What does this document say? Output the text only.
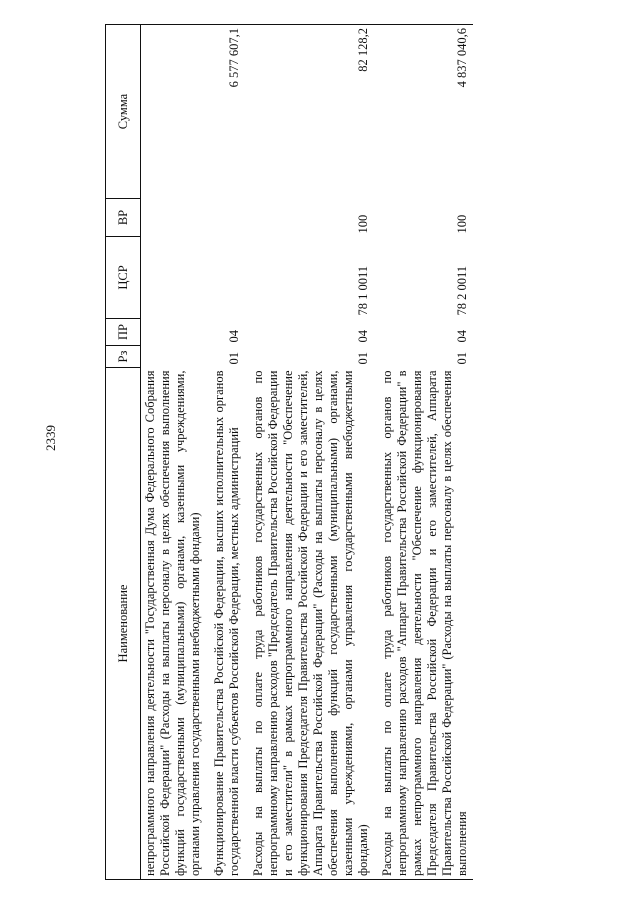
2339
Наименование	Рз	ПР	ЦСР	ВР	Сумма
непрограммного направления деятельности "Государственная Дума Федерального Собрания Российской Федерации" (Расходы на выплаты персоналу в целях обеспечения выполнения функций государственными (муниципальными) органами, казенными учреждениями, органами управления государственными внебюджетными фондами)					

Функционирование Правительства Российской Федерации, высших исполнительных органов государственной власти субъектов Российской Федерации, местных администраций	01	04			6 577 607,1

Расходы на выплаты по оплате труда работников государственных органов по непрограммному направлению расходов "Председатель Правительства Российской Федерации и его заместители" в рамках непрограммного направления деятельности "Обеспечение функционирования Председателя Правительства Российской Федерации и его заместителей, Аппарата Правительства Российской Федерации" (Расходы на выплаты персоналу в целях обеспечения выполнения функций государственными (муниципальными) органами, казенными учреждениями, органами управления государственными внебюджетными фондами)	01	04	78 1 0011	100	82 128,2

Расходы на выплаты по оплате труда работников государственных органов по непрограммному направлению расходов "Аппарат Правительства Российской Федерации" в рамках непрограммного направления деятельности "Обеспечение функционирования Председателя Правительства Российской Федерации и его заместителей, Аппарата Правительства Российской Федерации" (Расходы на выплаты персоналу в целях обеспечения выполнения	01	04	78 2 0011	100	4 837 040,6
